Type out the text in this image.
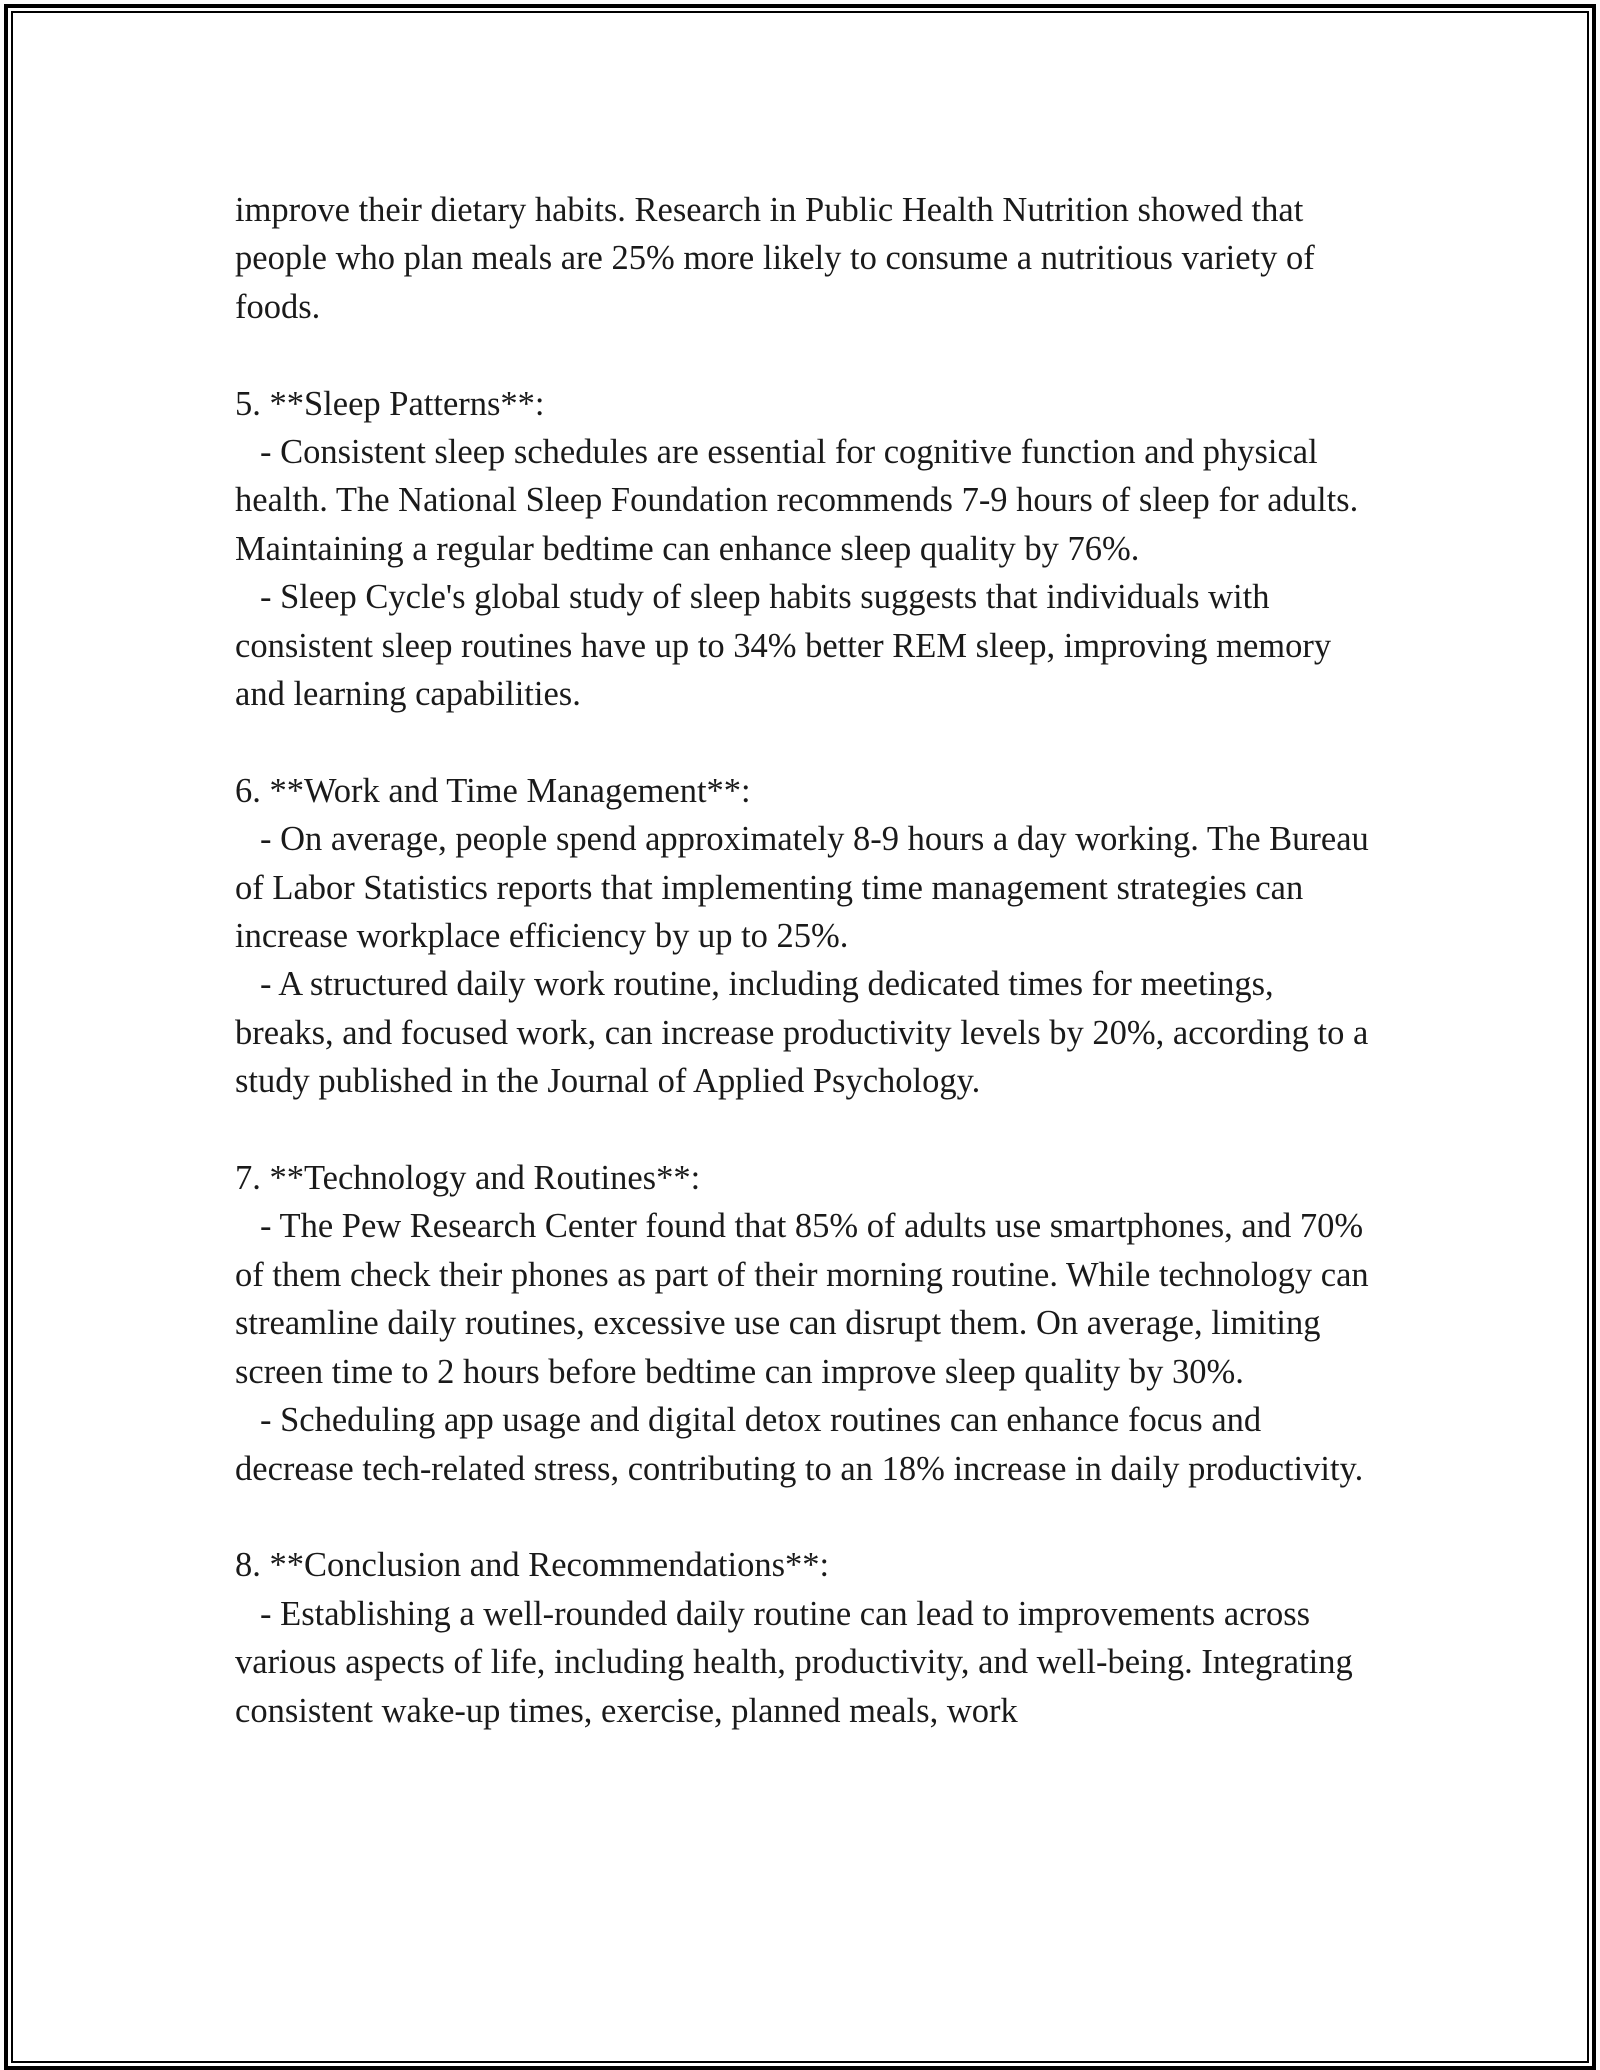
improve their dietary habits. Research in Public Health Nutrition showed that people who plan meals are 25% more likely to consume a nutritious variety of foods.

5. **Sleep Patterns**:

- Consistent sleep schedules are essential for cognitive function and physical health. The National Sleep Foundation recommends 7-9 hours of sleep for adults. Maintaining a regular bedtime can enhance sleep quality by 76%.

- Sleep Cycle's global study of sleep habits suggests that individuals with consistent sleep routines have up to 34% better REM sleep, improving memory and learning capabilities.

6. **Work and Time Management**:

- On average, people spend approximately 8-9 hours a day working. The Bureau of Labor Statistics reports that implementing time management strategies can increase workplace efficiency by up to 25%.

- A structured daily work routine, including dedicated times for meetings, breaks, and focused work, can increase productivity levels by 20%, according to a study published in the Journal of Applied Psychology.

7. **Technology and Routines**:

- The Pew Research Center found that 85% of adults use smartphones, and 70% of them check their phones as part of their morning routine. While technology can streamline daily routines, excessive use can disrupt them. On average, limiting screen time to 2 hours before bedtime can improve sleep quality by 30%.

- Scheduling app usage and digital detox routines can enhance focus and decrease tech-related stress, contributing to an 18% increase in daily productivity.

8. **Conclusion and Recommendations**:

- Establishing a well-rounded daily routine can lead to improvements across various aspects of life, including health, productivity, and well-being. Integrating consistent wake-up times, exercise, planned meals, work
